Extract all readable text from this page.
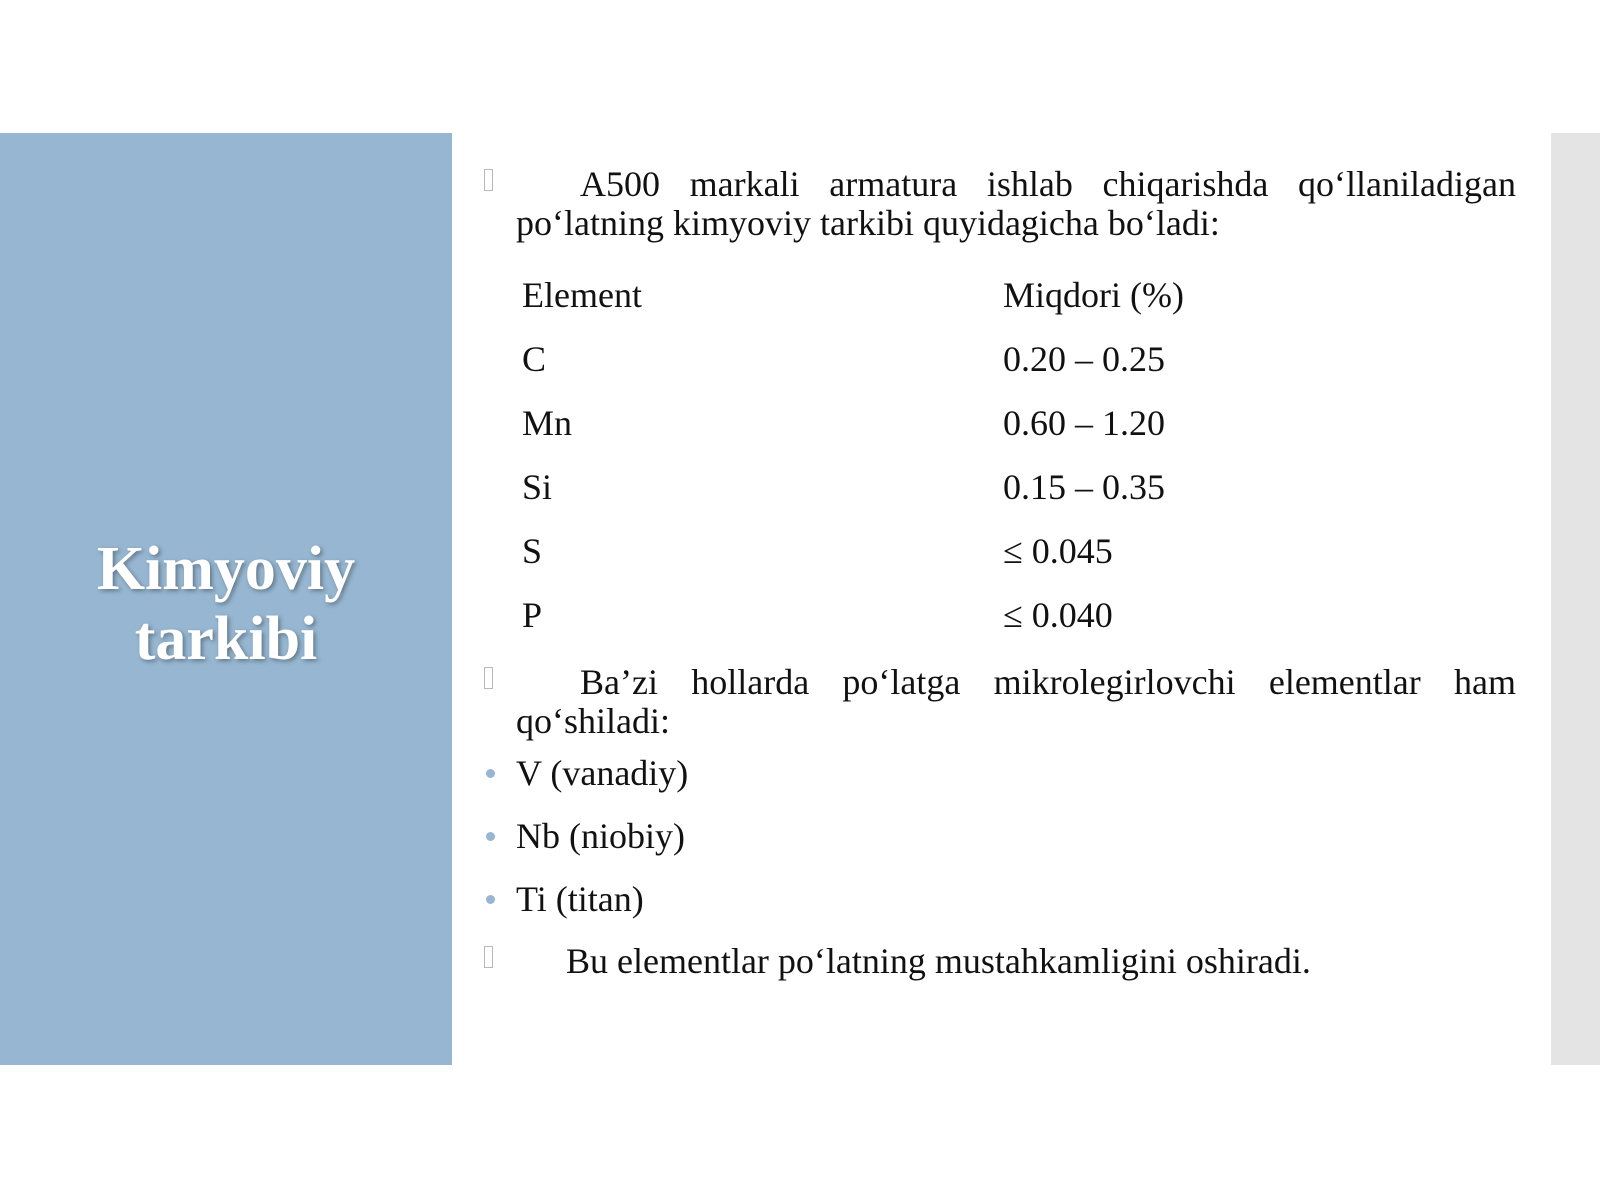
Kimyoviy tarkibi
A500 markali armatura ishlab chiqarishda qo‘llaniladigan po‘latning kimyoviy tarkibi quyidagicha bo‘ladi:
Element	Miqdori (%)
C	0.20 – 0.25
Mn	0.60 – 1.20
Si	0.15 – 0.35
S	≤ 0.045
P	≤ 0.040
Ba’zi hollarda po‘latga mikrolegirlovchi elementlar ham qo‘shiladi:
V (vanadiy)
Nb (niobiy)
Ti (titan)
Bu elementlar po‘latning mustahkamligini oshiradi.
